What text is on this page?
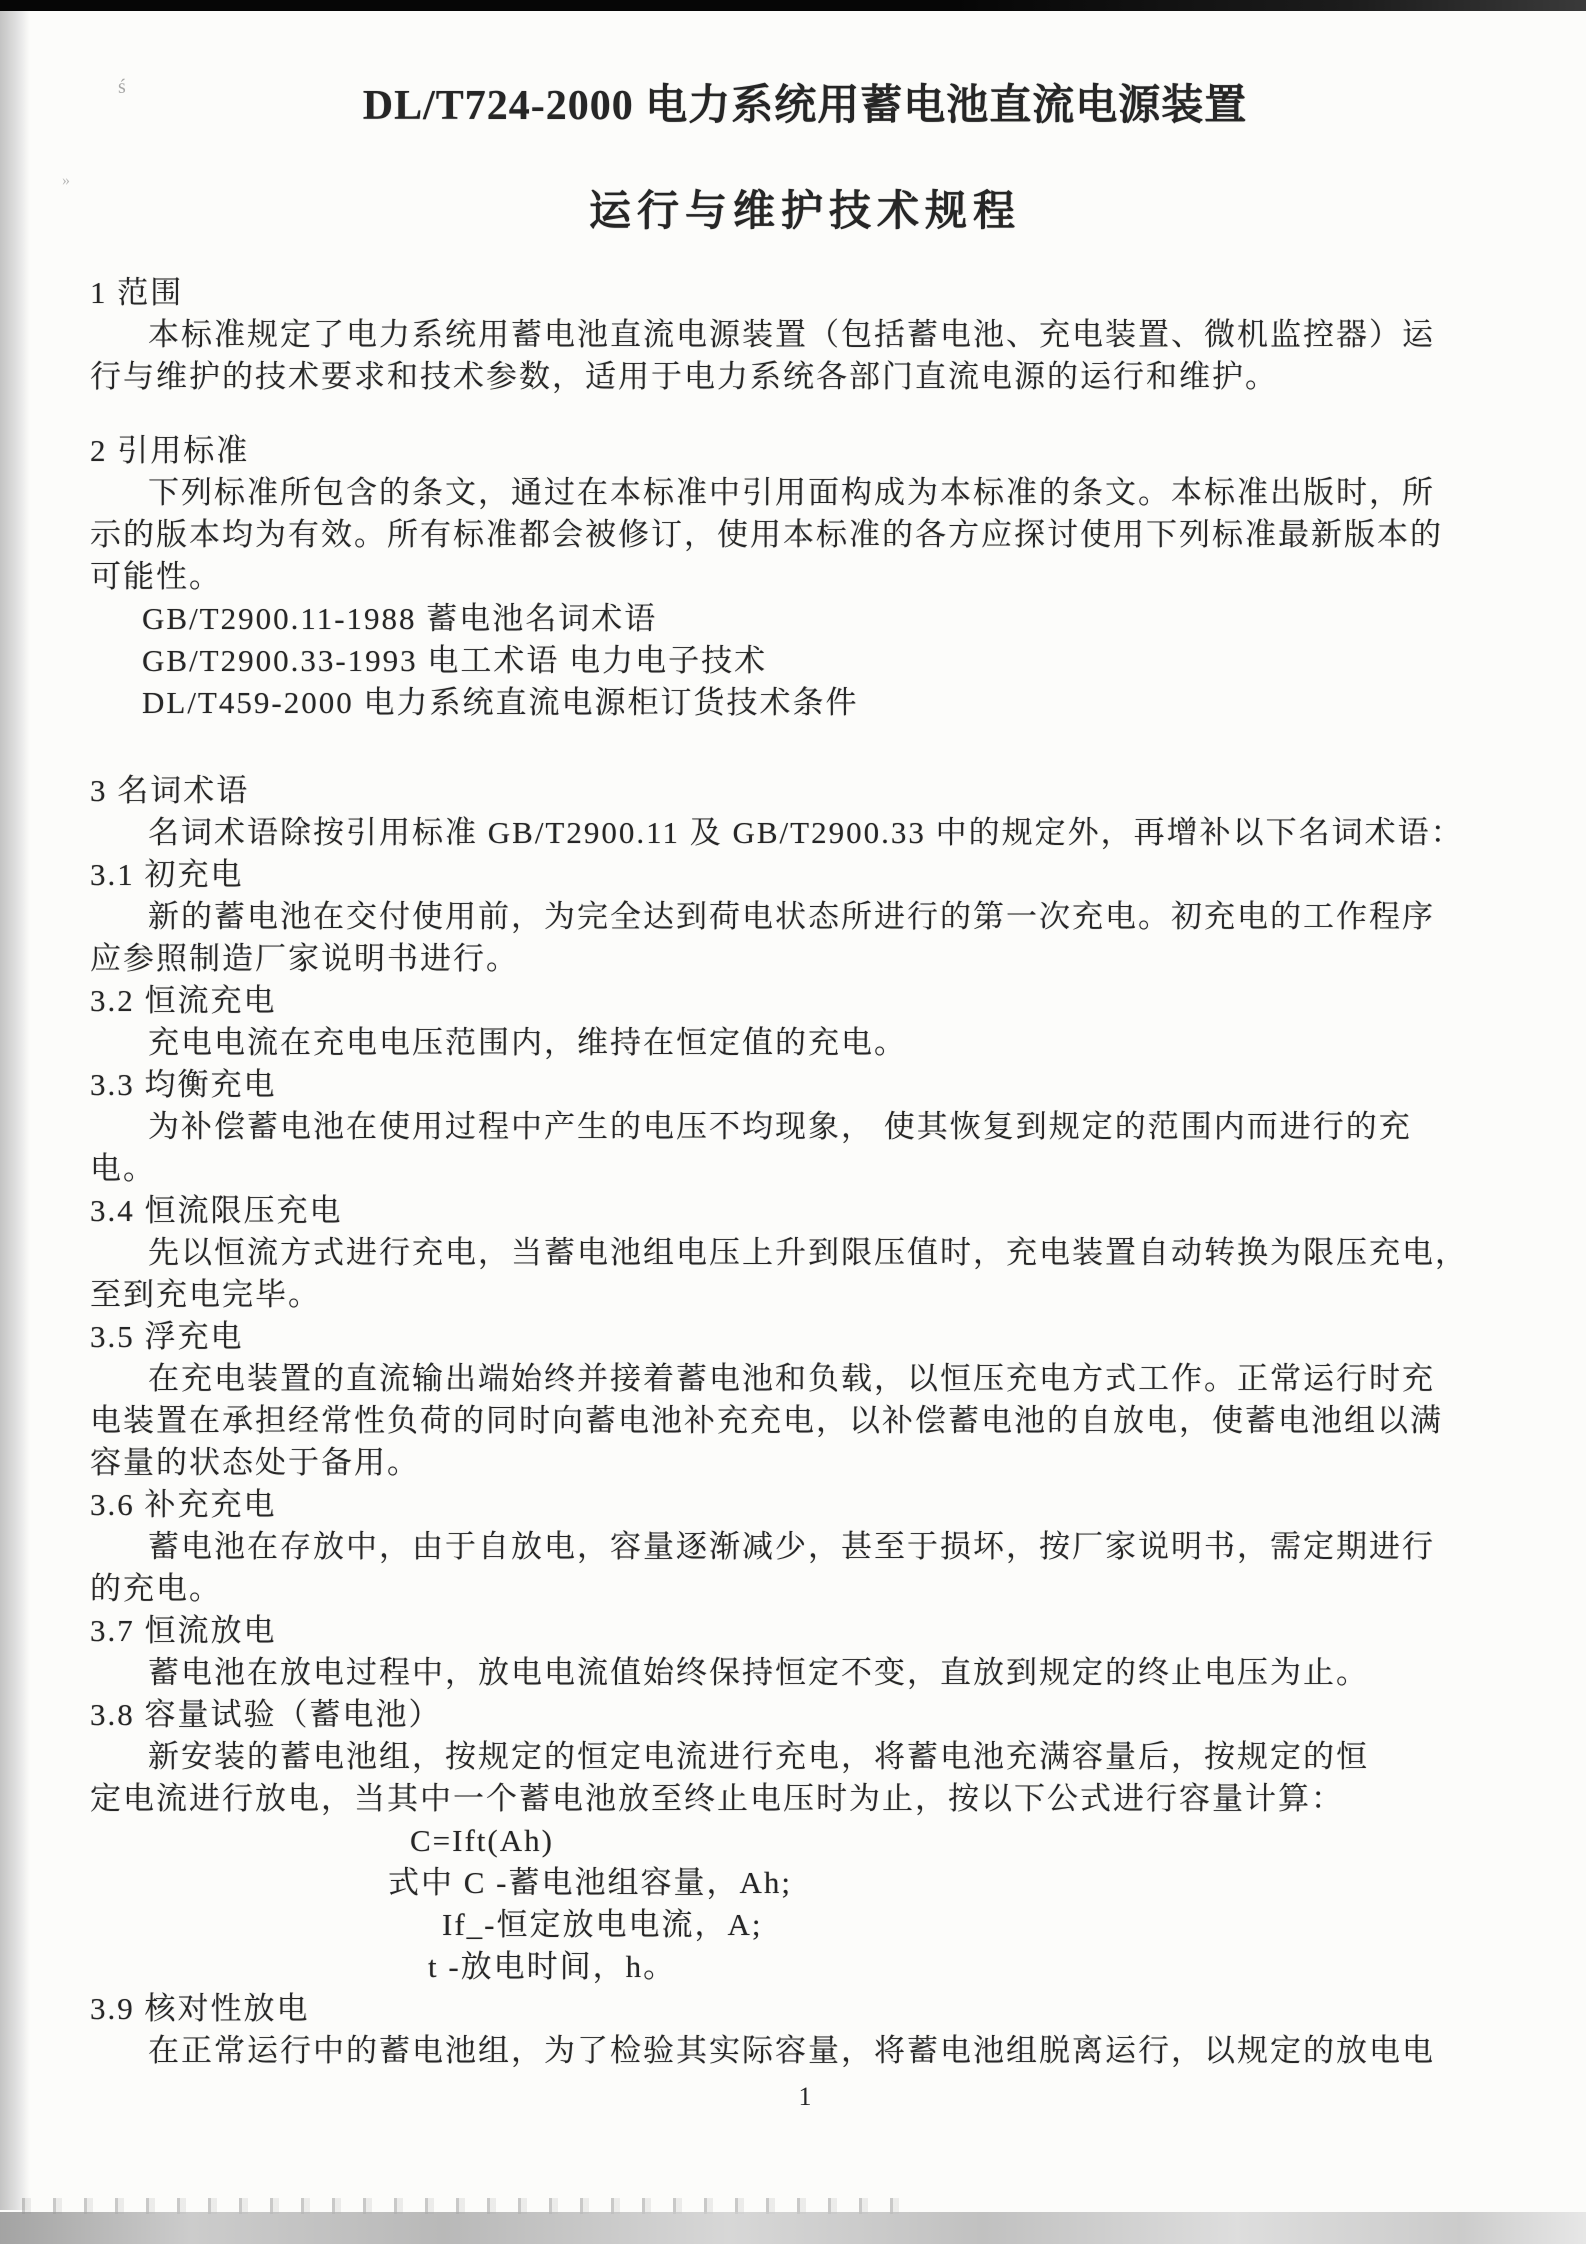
ś
»
DL/T724-2000 电力系统用蓄电池直流电源装置
运行与维护技术规程
1 范围
本标准规定了电力系统用蓄电池直流电源装置（包括蓄电池、充电装置、微机监控器）运
行与维护的技术要求和技术参数，适用于电力系统各部门直流电源的运行和维护。
2 引用标准
下列标准所包含的条文，通过在本标准中引用面构成为本标准的条文。本标准出版时，所
示的版本均为有效。所有标准都会被修订，使用本标准的各方应探讨使用下列标准最新版本的
可能性。
GB/T2900.11-1988 蓄电池名词术语
GB/T2900.33-1993 电工术语 电力电子技术
DL/T459-2000 电力系统直流电源柜订货技术条件
3 名词术语
名词术语除按引用标准 GB/T2900.11 及 GB/T2900.33 中的规定外，再增补以下名词术语：
3.1 初充电
新的蓄电池在交付使用前，为完全达到荷电状态所进行的第一次充电。初充电的工作程序
应参照制造厂家说明书进行。
3.2 恒流充电
充电电流在充电电压范围内，维持在恒定值的充电。
3.3 均衡充电
为补偿蓄电池在使用过程中产生的电压不均现象， 使其恢复到规定的范围内而进行的充
电。
3.4 恒流限压充电
先以恒流方式进行充电，当蓄电池组电压上升到限压值时，充电装置自动转换为限压充电，
至到充电完毕。
3.5 浮充电
在充电装置的直流输出端始终并接着蓄电池和负载，以恒压充电方式工作。正常运行时充
电装置在承担经常性负荷的同时向蓄电池补充充电，以补偿蓄电池的自放电，使蓄电池组以满
容量的状态处于备用。
3.6 补充充电
蓄电池在存放中，由于自放电，容量逐渐减少，甚至于损坏，按厂家说明书，需定期进行
的充电。
3.7 恒流放电
蓄电池在放电过程中，放电电流值始终保持恒定不变，直放到规定的终止电压为止。
3.8 容量试验（蓄电池）
新安装的蓄电池组，按规定的恒定电流进行充电，将蓄电池充满容量后，按规定的恒
定电流进行放电，当其中一个蓄电池放至终止电压时为止，按以下公式进行容量计算：
C=Ift(Ah)
式中 C -蓄电池组容量，Ah;
If_-恒定放电电流，A;
t -放电时间，h。
3.9 核对性放电
在正常运行中的蓄电池组，为了检验其实际容量，将蓄电池组脱离运行，以规定的放电电
1
